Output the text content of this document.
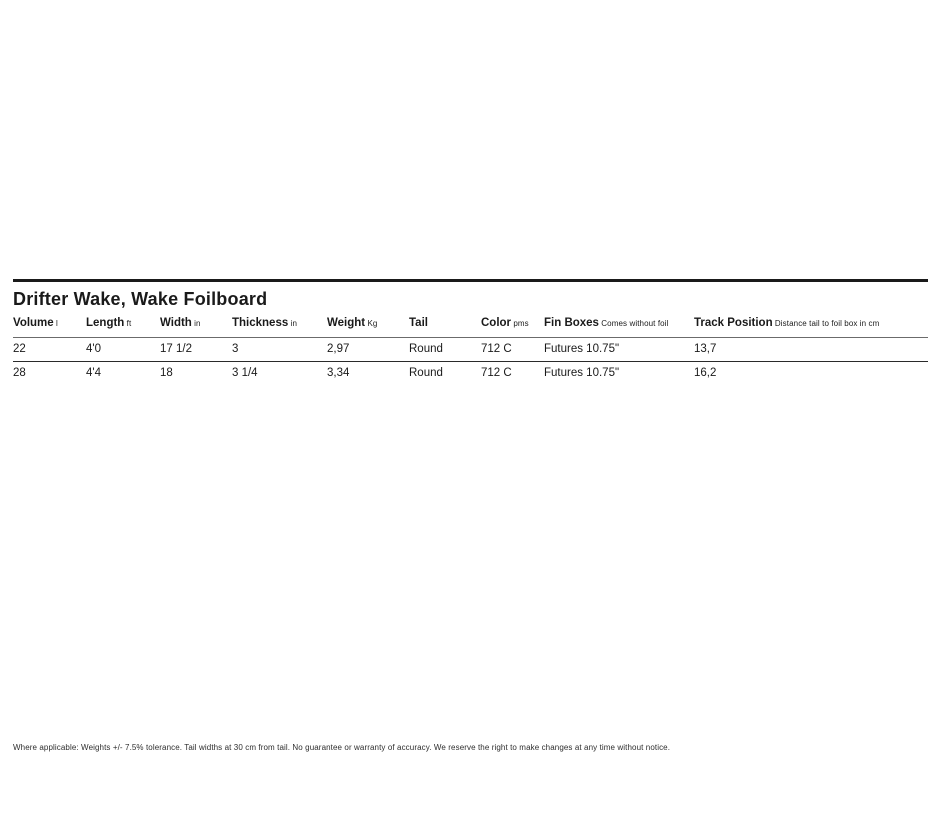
Drifter Wake, Wake Foilboard
Volume l	Length ft	Width in	Thickness in	Weight Kg	Tail	Color pms	Fin Boxes Comes without foil	Track Position Distance tail to foil box in cm
22	4'0	17 1/2	3	2,97	Round	712 C	Futures 10.75"	13,7
28	4'4	18	3 1/4	3,34	Round	712 C	Futures 10.75"	16,2
Where applicable: Weights +/- 7.5% tolerance. Tail widths at 30 cm from tail. No guarantee or warranty of accuracy. We reserve the right to make changes at any time without notice.
